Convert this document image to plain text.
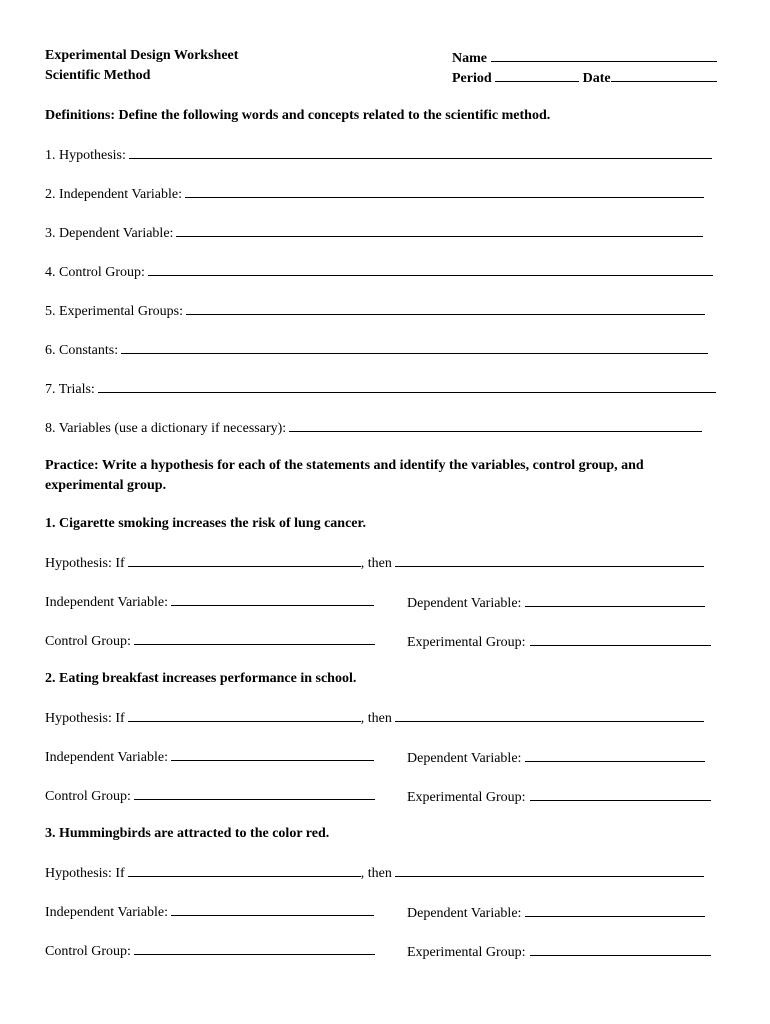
Experimental Design Worksheet
Scientific Method
Name
Period	Date
Definitions: Define the following words and concepts related to the scientific method.
1. Hypothesis:
2. Independent Variable:
3. Dependent Variable:
4. Control Group:
5. Experimental Groups:
6. Constants:
7. Trials:
8. Variables (use a dictionary if necessary):
Practice: Write a hypothesis for each of the statements and identify the variables, control group, and
experimental group.
1. Cigarette smoking increases the risk of lung cancer.
Hypothesis: If	, then
Independent Variable:	Dependent Variable:
Control Group:	Experimental Group:
2. Eating breakfast increases performance in school.
Hypothesis: If	, then
Independent Variable:	Dependent Variable:
Control Group:	Experimental Group:
3. Hummingbirds are attracted to the color red.
Hypothesis: If	, then
Independent Variable:	Dependent Variable:
Control Group:	Experimental Group:
